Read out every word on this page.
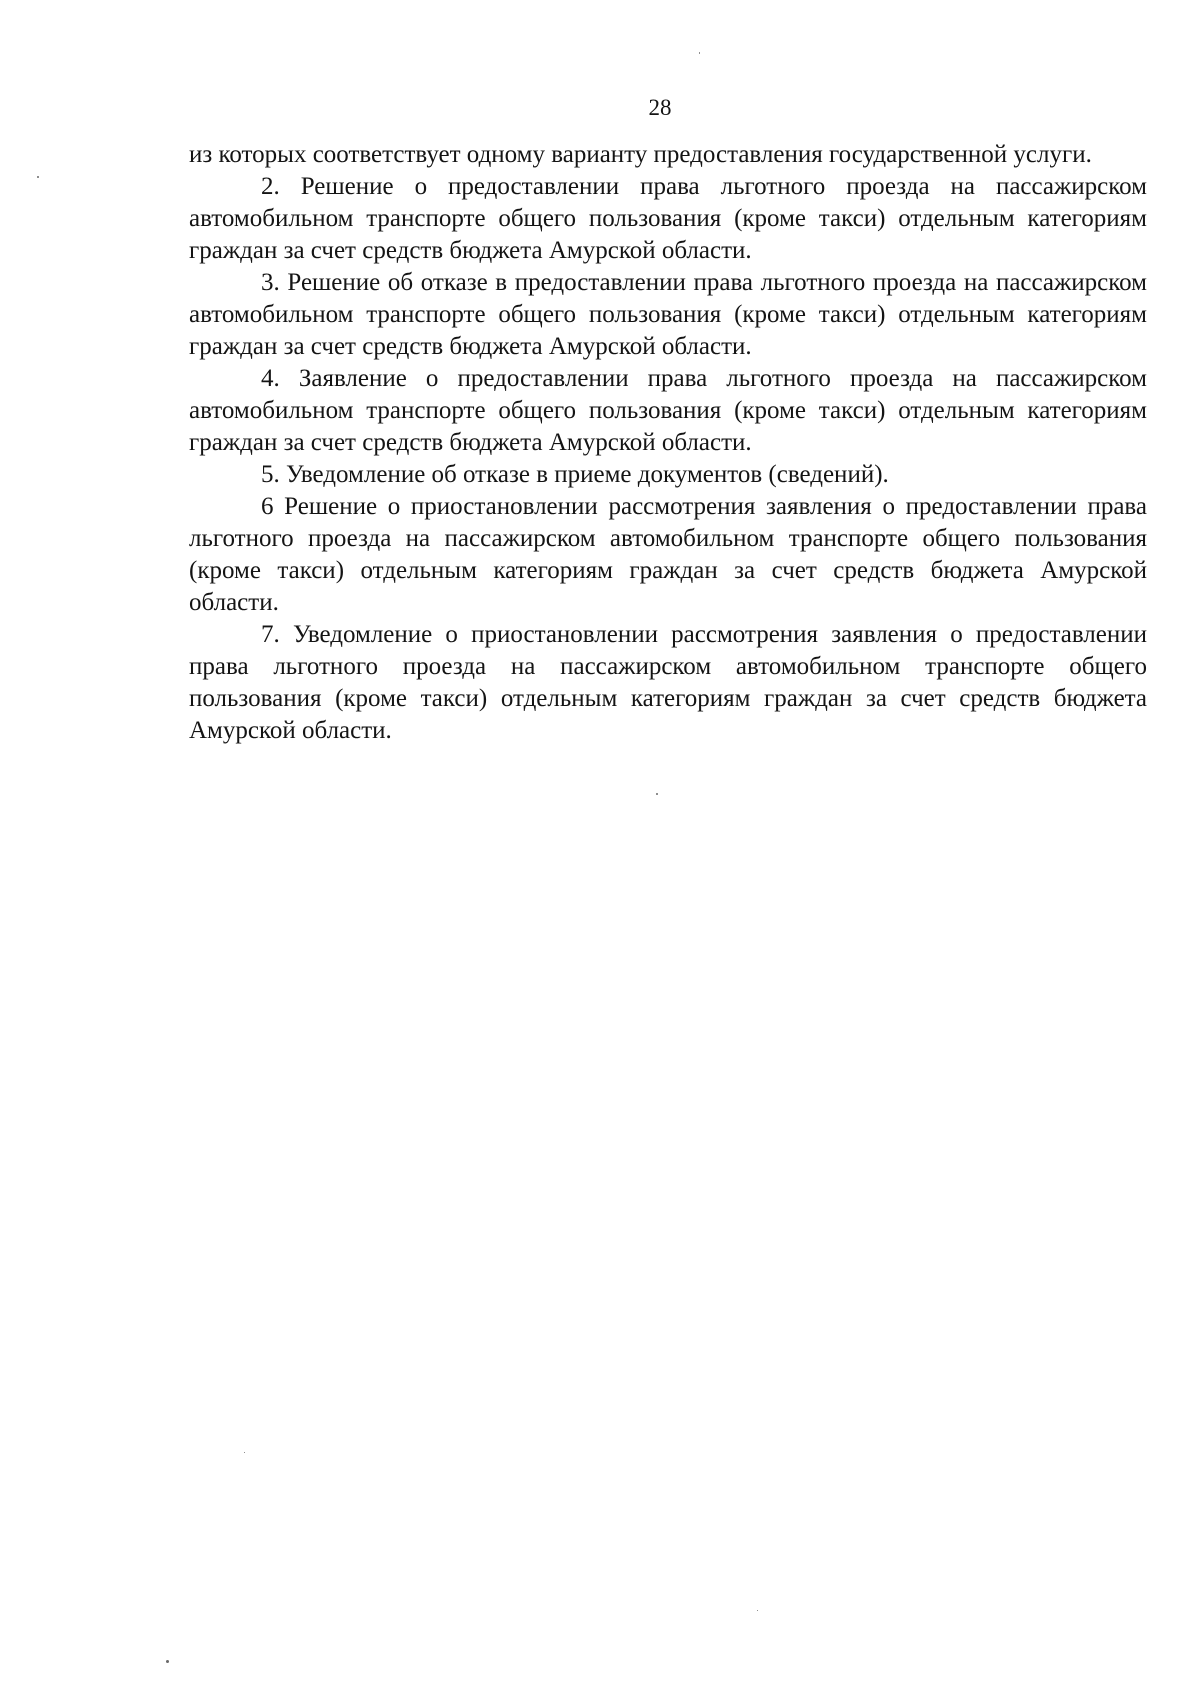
28

из которых соответствует одному варианту предоставления государственной услуги.

2. Решение о предоставлении права льготного проезда на пассажирском автомобильном транспорте общего пользования (кроме такси) отдельным категориям граждан за счет средств бюджета Амурской области.

3. Решение об отказе в предоставлении права льготного проезда на пассажирском автомобильном транспорте общего пользования (кроме такси) отдельным категориям граждан за счет средств бюджета Амурской области.

4. Заявление о предоставлении права льготного проезда на пассажирском автомобильном транспорте общего пользования (кроме такси) отдельным категориям граждан за счет средств бюджета Амурской области.

5. Уведомление об отказе в приеме документов (сведений).

6 Решение о приостановлении рассмотрения заявления о предоставлении права льготного проезда на пассажирском автомобильном транспорте общего пользования (кроме такси) отдельным категориям граждан за счет средств бюджета Амурской области.

7. Уведомление о приостановлении рассмотрения заявления о предоставлении права льготного проезда на пассажирском автомобильном транспорте общего пользования (кроме такси) отдельным категориям граждан за счет средств бюджета Амурской области.
